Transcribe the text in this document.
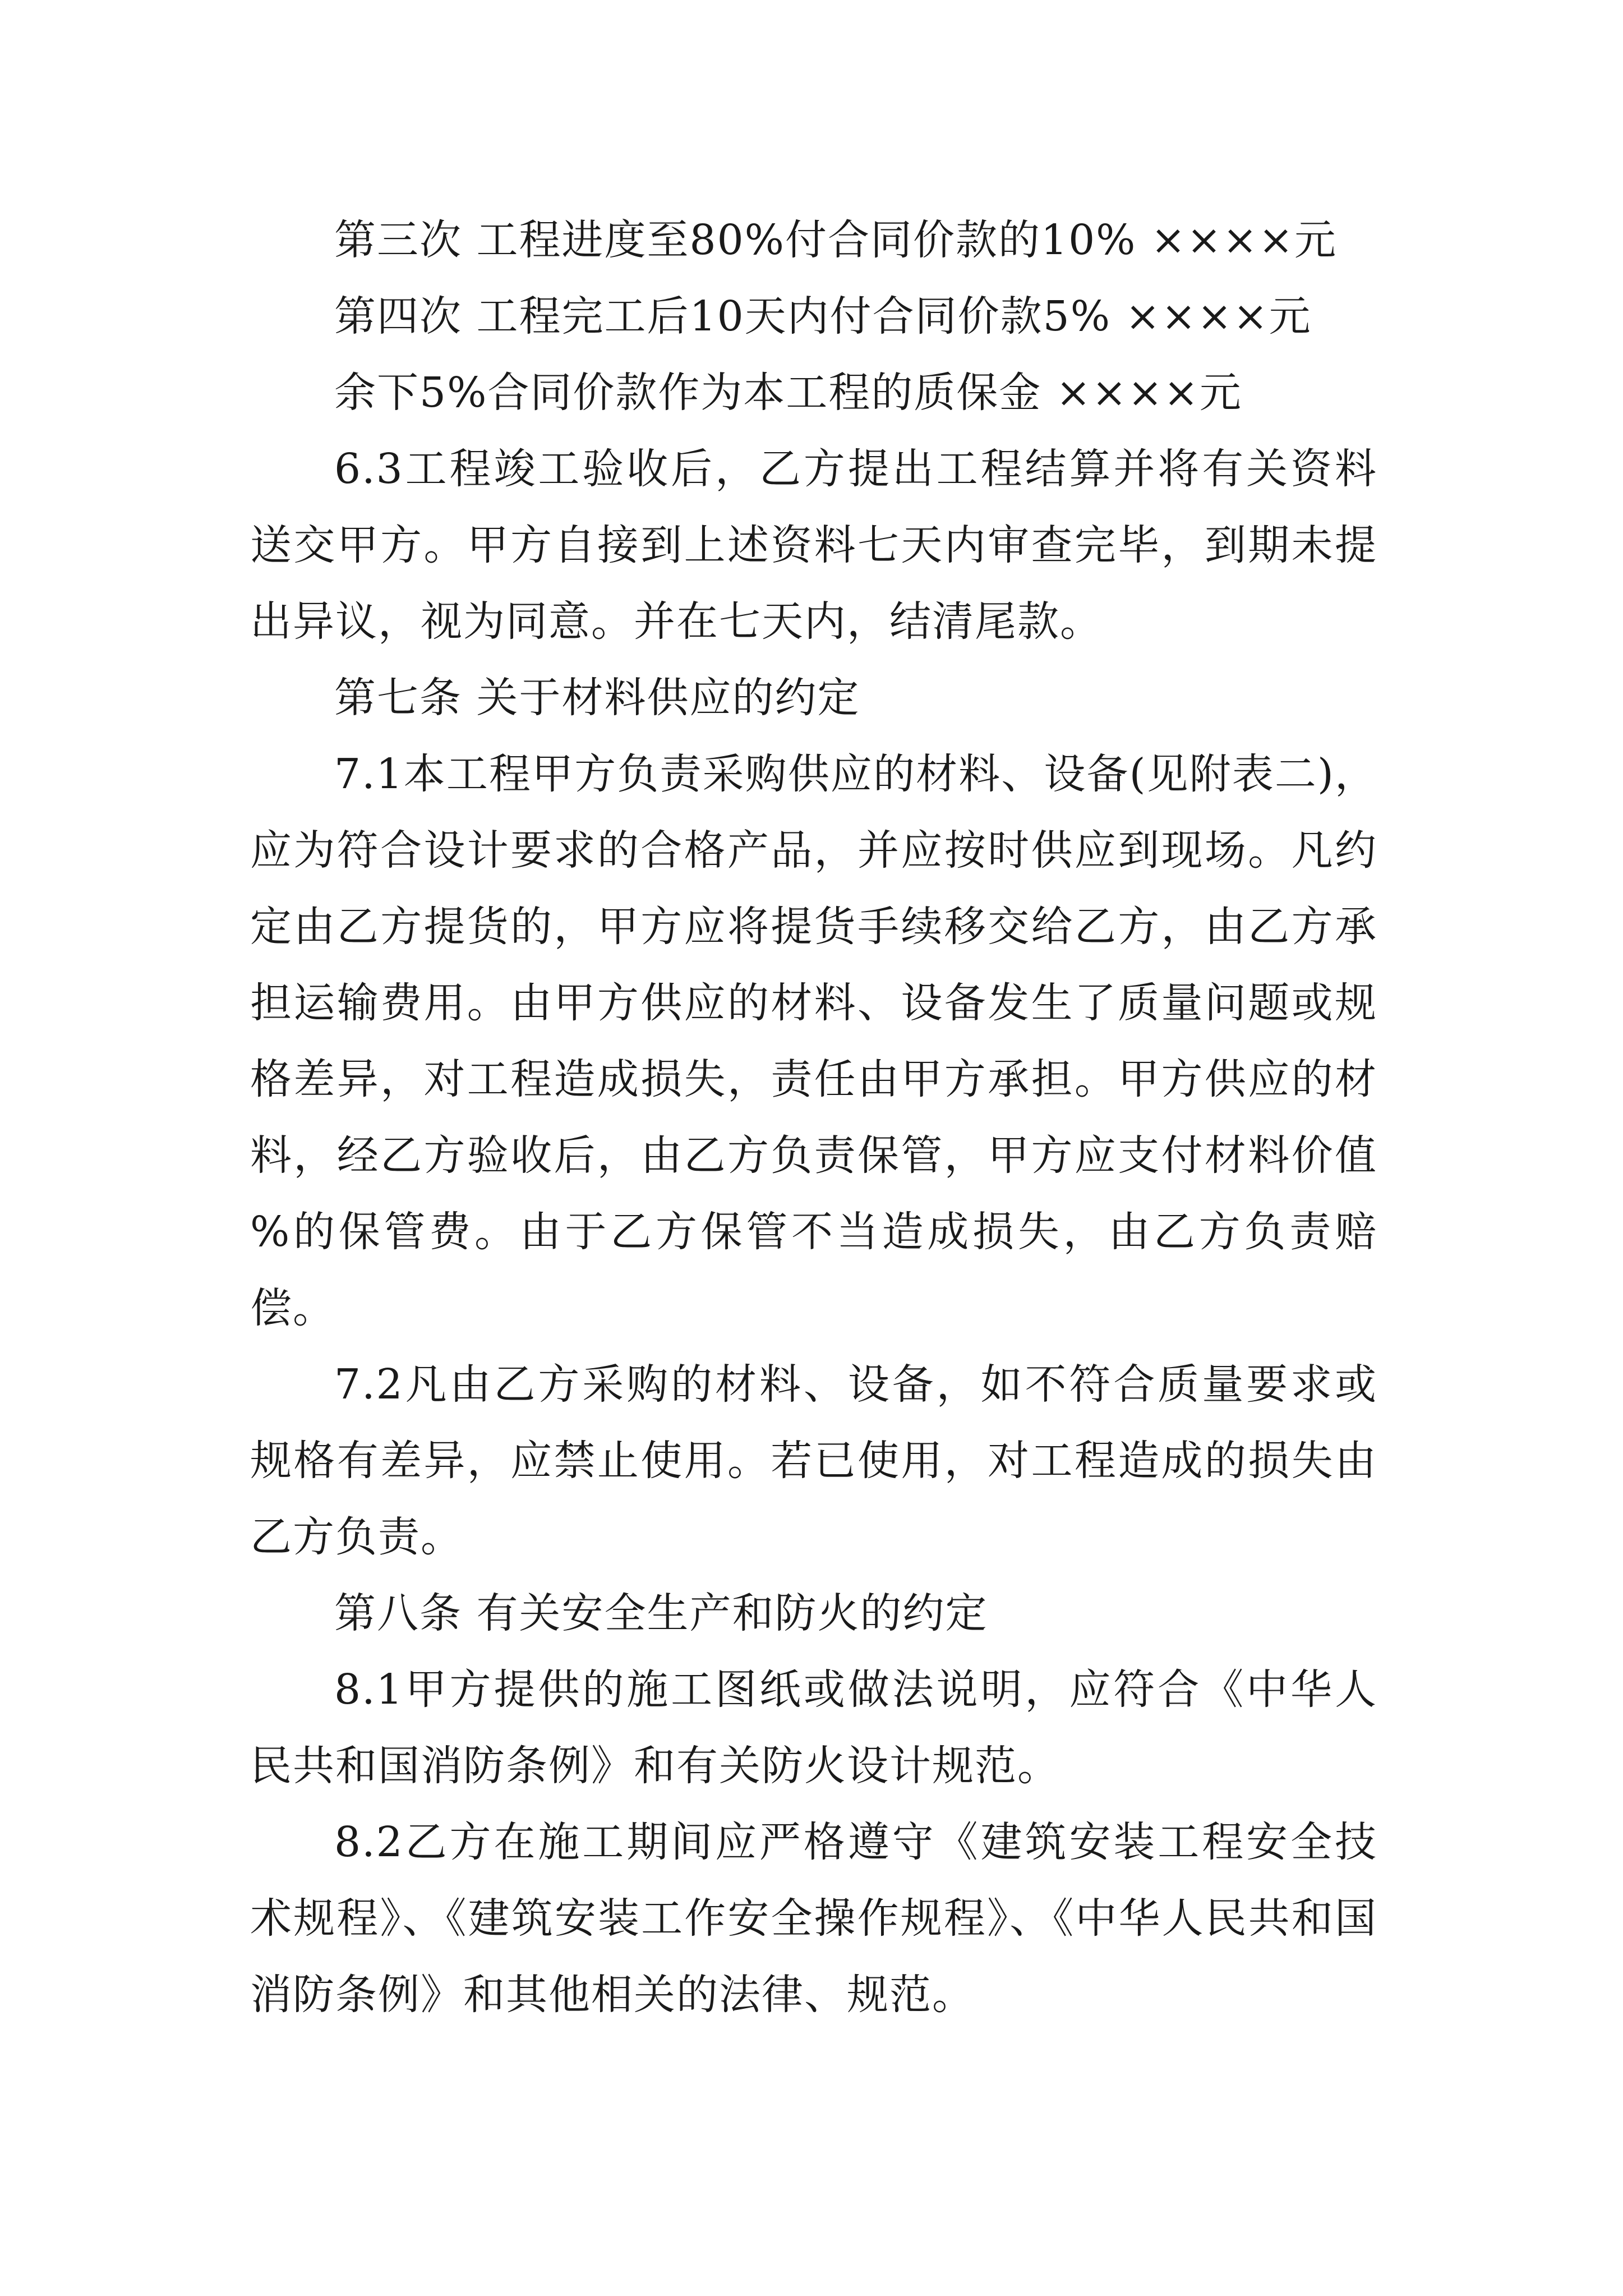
第三次 工程进度至80%付合同价款的10% ××××元

第四次 工程完工后10天内付合同价款5% ××××元

余下5%合同价款作为本工程的质保金 ××××元

6.3工程竣工验收后，乙方提出工程结算并将有关资料送交甲方。甲方自接到上述资料七天内审查完毕，到期未提出异议，视为同意。并在七天内，结清尾款。

第七条 关于材料供应的约定

7.1本工程甲方负责采购供应的材料、设备(见附表二)，应为符合设计要求的合格产品，并应按时供应到现场。凡约定由乙方提货的，甲方应将提货手续移交给乙方，由乙方承担运输费用。由甲方供应的材料、设备发生了质量问题或规格差异，对工程造成损失，责任由甲方承担。甲方供应的材料，经乙方验收后，由乙方负责保管，甲方应支付材料价值 %的保管费。由于乙方保管不当造成损失，由乙方负责赔偿。

7.2凡由乙方采购的材料、设备，如不符合质量要求或规格有差异，应禁止使用。若已使用，对工程造成的损失由乙方负责。

第八条 有关安全生产和防火的约定

8.1甲方提供的施工图纸或做法说明，应符合《中华人民共和国消防条例》和有关防火设计规范。

8.2乙方在施工期间应严格遵守《建筑安装工程安全技术规程》、《建筑安装工作安全操作规程》、《中华人民共和国消防条例》和其他相关的法律、规范。
